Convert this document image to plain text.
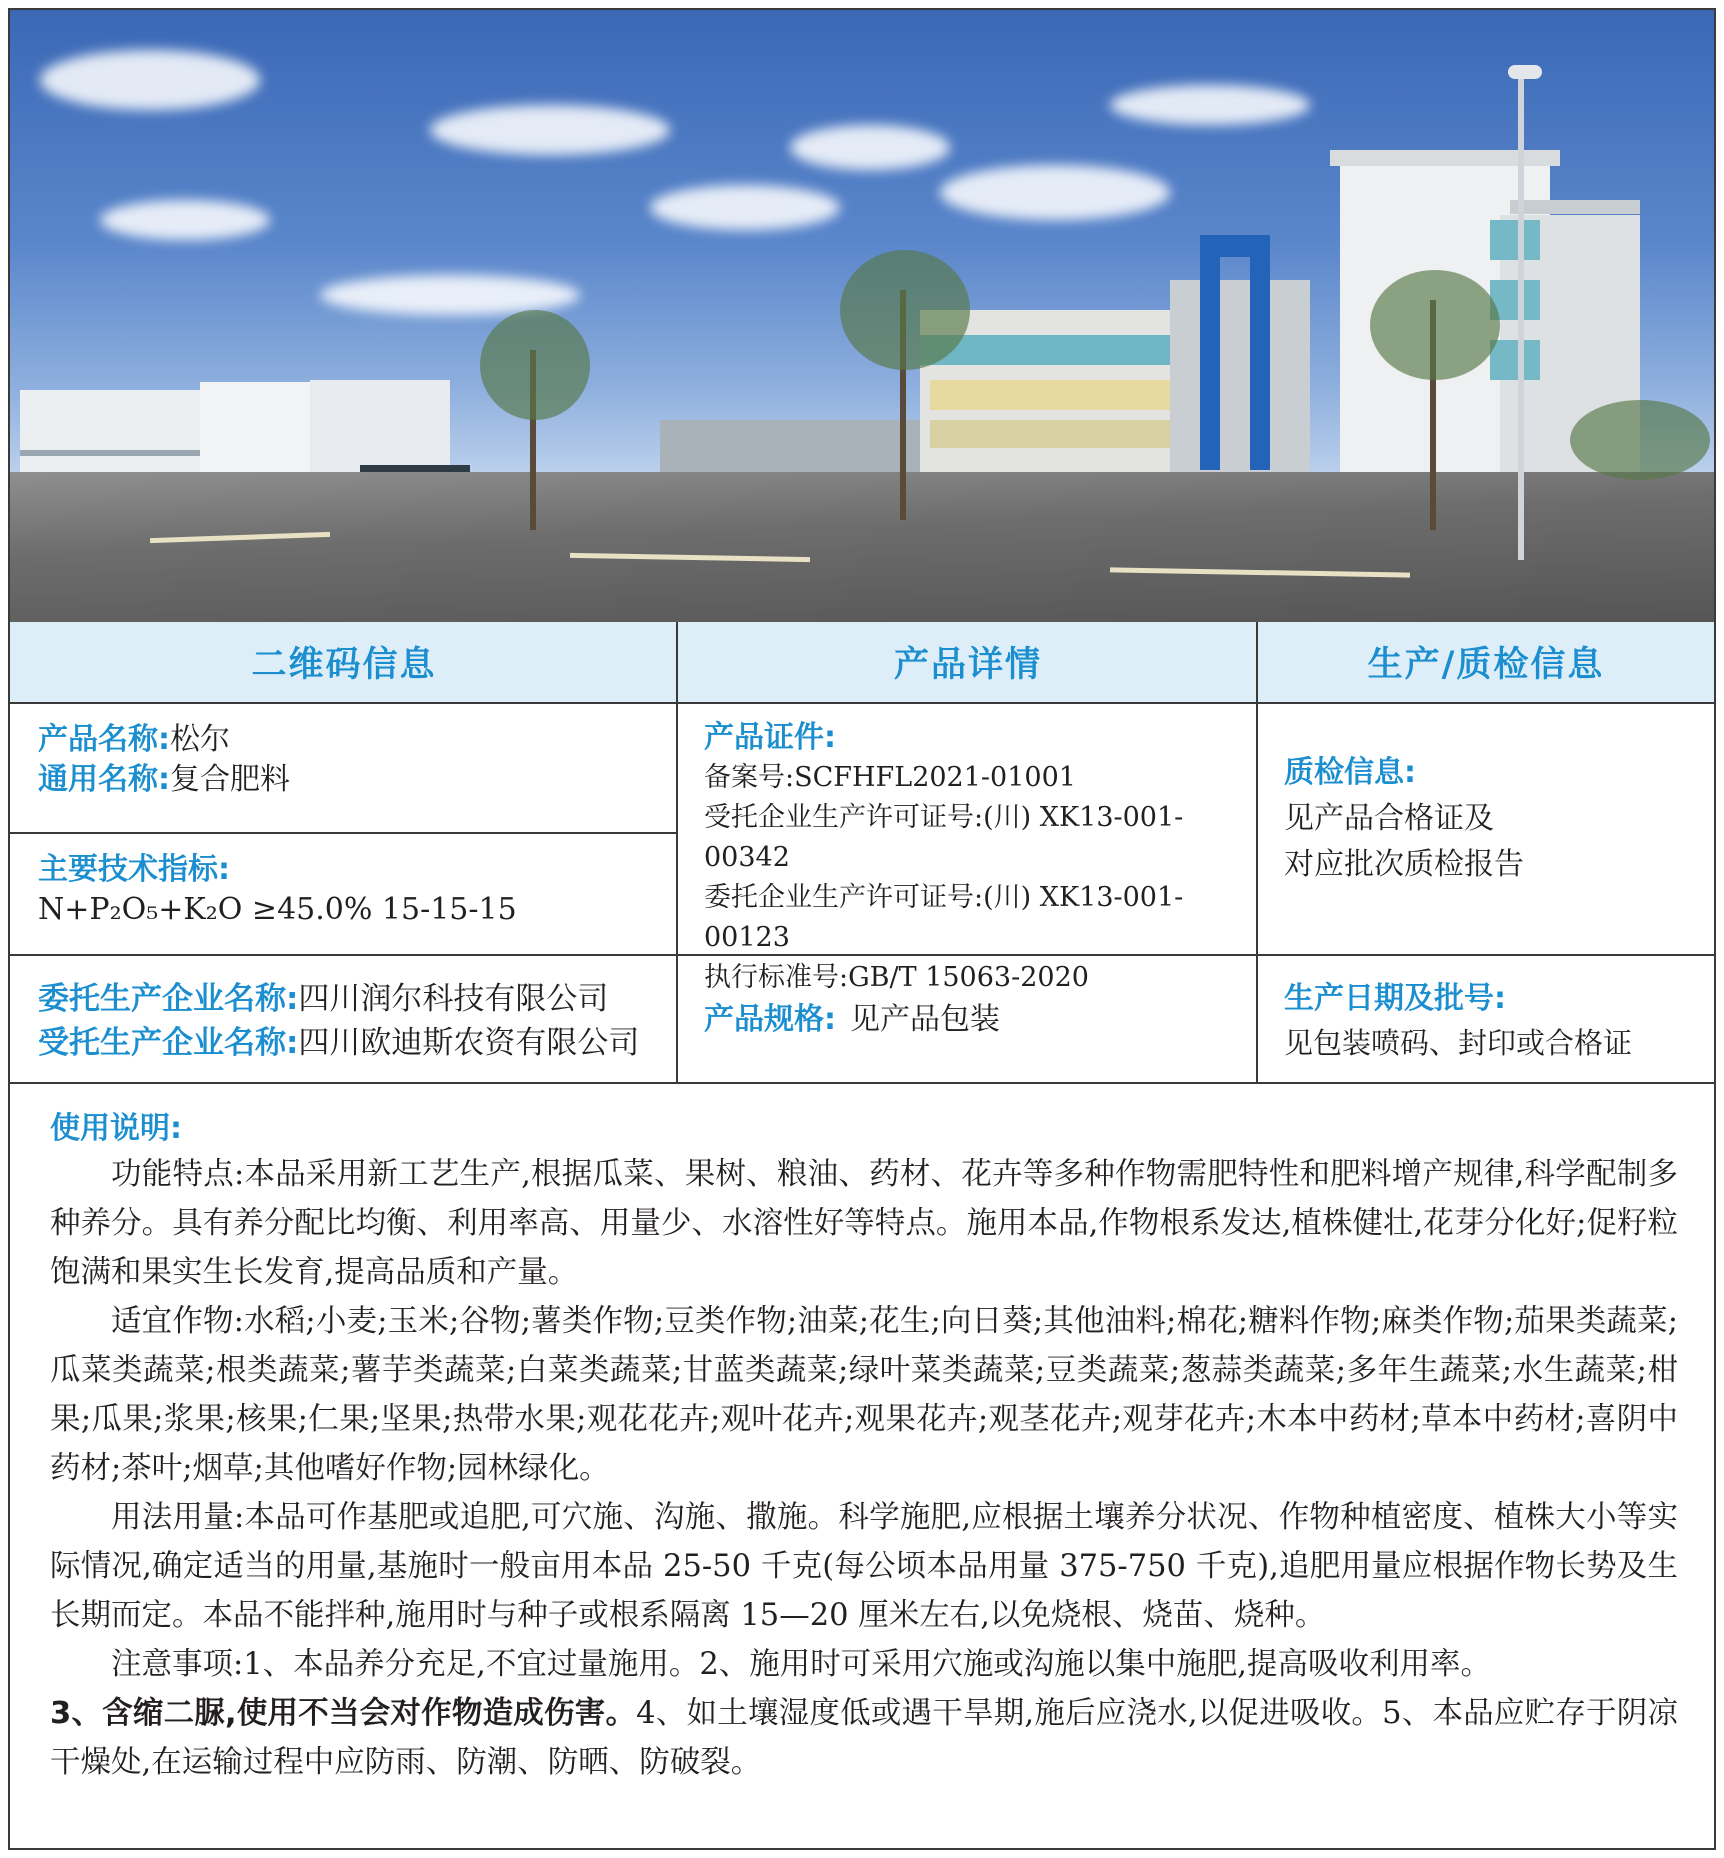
二维码信息	产品详情	生产/质检信息
产品名称:松尔
通用名称:复合肥料
主要技术指标:
N+P₂O₅+K₂O ≥45.0% 15-15-15
委托生产企业名称:四川润尔科技有限公司
受托生产企业名称:四川欧迪斯农资有限公司
产品证件:
备案号:SCFHFL2021-01001
受托企业生产许可证号:(川) XK13-001-00342
委托企业生产许可证号:(川) XK13-001-00123
执行标准号:GB/T 15063-2020
产品规格: 见产品包装
质检信息:
见产品合格证及
对应批次质检报告
生产日期及批号:
见包装喷码、封印或合格证
使用说明:

功能特点:本品采用新工艺生产,根据瓜菜、果树、粮油、药材、花卉等多种作物需肥特性和肥料增产规律,科学配制多种养分。具有养分配比均衡、利用率高、用量少、水溶性好等特点。施用本品,作物根系发达,植株健壮,花芽分化好;促籽粒饱满和果实生长发育,提高品质和产量。

适宜作物:水稻;小麦;玉米;谷物;薯类作物;豆类作物;油菜;花生;向日葵;其他油料;棉花;糖料作物;麻类作物;茄果类蔬菜;瓜菜类蔬菜;根类蔬菜;薯芋类蔬菜;白菜类蔬菜;甘蓝类蔬菜;绿叶菜类蔬菜;豆类蔬菜;葱蒜类蔬菜;多年生蔬菜;水生蔬菜;柑果;瓜果;浆果;核果;仁果;坚果;热带水果;观花花卉;观叶花卉;观果花卉;观茎花卉;观芽花卉;木本中药材;草本中药材;喜阴中药材;茶叶;烟草;其他嗜好作物;园林绿化。

用法用量:本品可作基肥或追肥,可穴施、沟施、撒施。科学施肥,应根据土壤养分状况、作物种植密度、植株大小等实际情况,确定适当的用量,基施时一般亩用本品 25-50 千克(每公顷本品用量 375-750 千克),追肥用量应根据作物长势及生长期而定。本品不能拌种,施用时与种子或根系隔离 15—20 厘米左右,以免烧根、烧苗、烧种。

注意事项:1、本品养分充足,不宜过量施用。2、施用时可采用穴施或沟施以集中施肥,提高吸收利用率。

3、含缩二脲,使用不当会对作物造成伤害。4、如土壤湿度低或遇干旱期,施后应浇水,以促进吸收。5、本品应贮存于阴凉干燥处,在运输过程中应防雨、防潮、防晒、防破裂。
